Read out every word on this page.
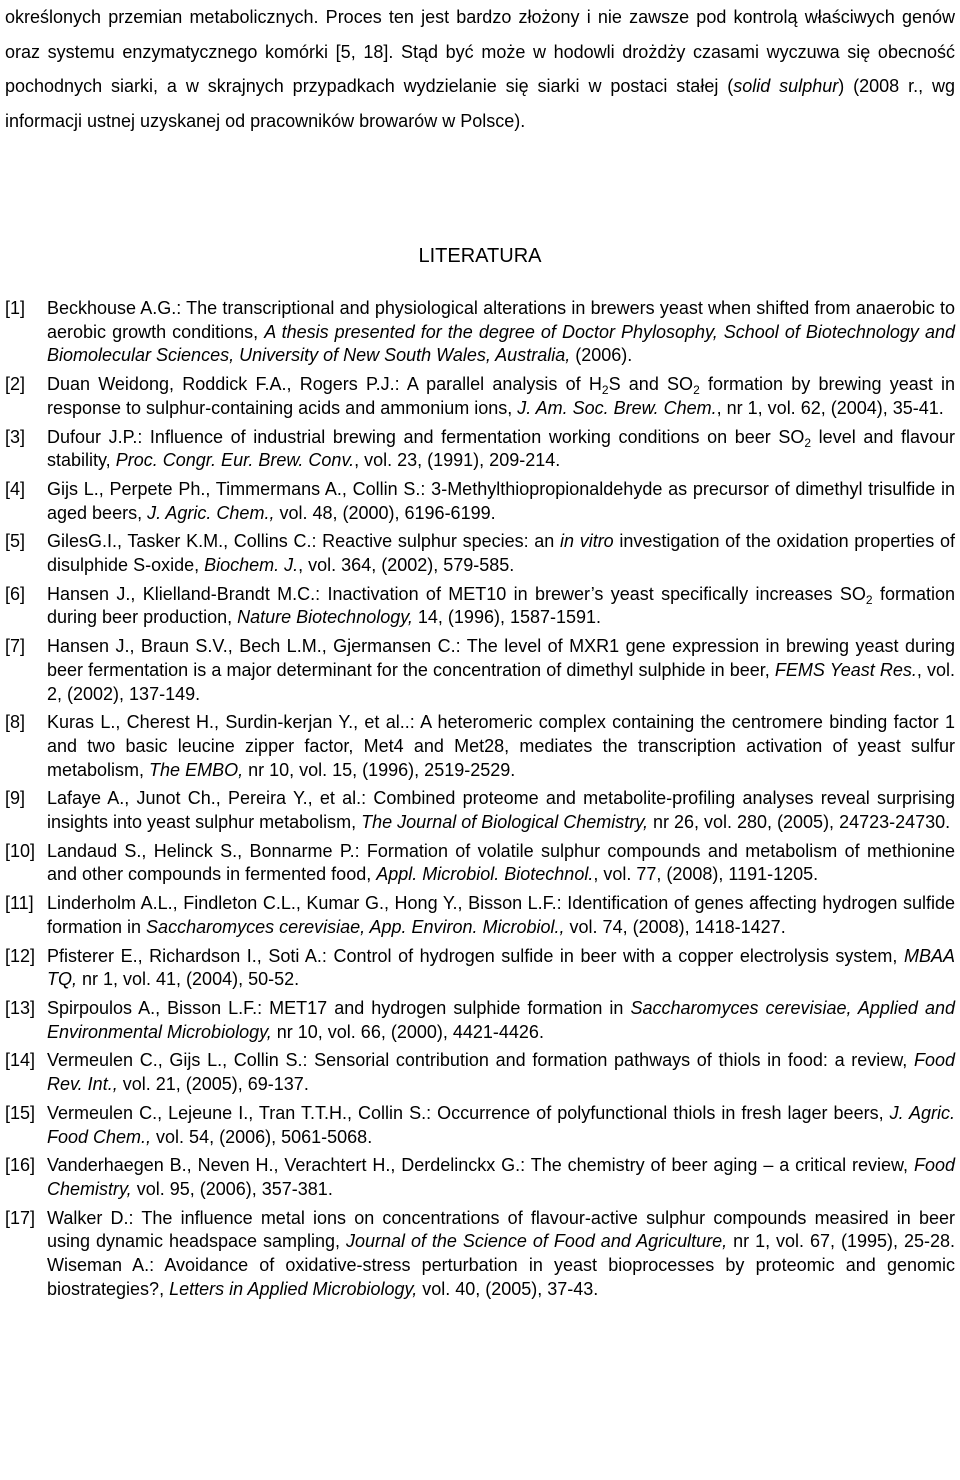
określonych przemian metabolicznych. Proces ten jest bardzo złożony i nie zawsze pod kontrolą właściwych genów oraz systemu enzymatycznego komórki [5, 18]. Stąd być może w hodowli drożdży czasami wyczuwa się obecność pochodnych siarki, a w skrajnych przypadkach wydzielanie się siarki w postaci stałej (solid sulphur) (2008 r., wg informacji ustnej uzyskanej od pracowników browarów w Polsce).

LITERATURA
[1] Beckhouse A.G.: The transcriptional and physiological alterations in brewers yeast when shifted from anaerobic to aerobic growth conditions, A thesis presented for the degree of Doctor Phylosophy, School of Biotechnology and Biomolecular Sciences, University of New South Wales, Australia, (2006).
[2] Duan Weidong, Roddick F.A., Rogers P.J.: A parallel analysis of $H_2S$ and $SO_2$ formation by brewing yeast in response to sulphur-containing acids and ammonium ions, J. Am. Soc. Brew. Chem., nr 1, vol. 62, (2004), 35-41.
[3] Dufour J.P.: Influence of industrial brewing and fermentation working conditions on beer $SO_2$ level and flavour stability, Proc. Congr. Eur. Brew. Conv., vol. 23, (1991), 209-214.
[4] Gijs L., Perpete Ph., Timmermans A., Collin S.: 3-Methylthiopropionaldehyde as precursor of dimethyl trisulfide in aged beers, J. Agric. Chem., vol. 48, (2000), 6196-6199.
[5] GilesG.I., Tasker K.M., Collins C.: Reactive sulphur species: an in vitro investigation of the oxidation properties of disulphide S-oxide, Biochem. J., vol. 364, (2002), 579-585.
[6] Hansen J., Klielland-Brandt M.C.: Inactivation of MET10 in brewer’s yeast specifically increases $SO_2$ formation during beer production, Nature Biotechnology, 14, (1996), 1587-1591.
[7] Hansen J., Braun S.V., Bech L.M., Gjermansen C.: The level of MXR1 gene expression in brewing yeast during beer fermentation is a major determinant for the concentration of dimethyl sulphide in beer, FEMS Yeast Res., vol. 2, (2002), 137-149.
[8] Kuras L., Cherest H., Surdin-kerjan Y., et al..: A heteromeric complex containing the centromere binding factor 1 and two basic leucine zipper factor, Met4 and Met28, mediates the transcription activation of yeast sulfur metabolism, The EMBO, nr 10, vol. 15, (1996), 2519-2529.
[9] Lafaye A., Junot Ch., Pereira Y., et al.: Combined proteome and metabolite-profiling analyses reveal surprising insights into yeast sulphur metabolism, The Journal of Biological Chemistry, nr 26, vol. 280, (2005), 24723-24730.
[10] Landaud S., Helinck S., Bonnarme P.: Formation of volatile sulphur compounds and metabolism of methionine and other compounds in fermented food, Appl. Microbiol. Biotechnol., vol. 77, (2008), 1191-1205.
[11] Linderholm A.L., Findleton C.L., Kumar G., Hong Y., Bisson L.F.: Identification of genes affecting hydrogen sulfide formation in Saccharomyces cerevisiae, App. Environ. Microbiol., vol. 74, (2008), 1418-1427.
[12] Pfisterer E., Richardson I., Soti A.: Control of hydrogen sulfide in beer with a copper electrolysis system, MBAA TQ, nr 1, vol. 41, (2004), 50-52.
[13] Spirpoulos A., Bisson L.F.: MET17 and hydrogen sulphide formation in Saccharomyces cerevisiae, Applied and Environmental Microbiology, nr 10, vol. 66, (2000), 4421-4426.
[14] Vermeulen C., Gijs L., Collin S.: Sensorial contribution and formation pathways of thiols in food: a review, Food Rev. Int., vol. 21, (2005), 69-137.
[15] Vermeulen C., Lejeune I., Tran T.T.H., Collin S.: Occurrence of polyfunctional thiols in fresh lager beers, J. Agric. Food Chem., vol. 54, (2006), 5061-5068.
[16] Vanderhaegen B., Neven H., Verachtert H., Derdelinckx G.: The chemistry of beer aging – a critical review, Food Chemistry, vol. 95, (2006), 357-381.
[17] Walker D.: The influence metal ions on concentrations of flavour-active sulphur compounds measired in beer using dynamic headspace sampling, Journal of the Science of Food and Agriculture, nr 1, vol. 67, (1995), 25-28. Wiseman A.: Avoidance of oxidative-stress perturbation in yeast bioprocesses by proteomic and genomic biostrategies?, Letters in Applied Microbiology, vol. 40, (2005), 37-43.
